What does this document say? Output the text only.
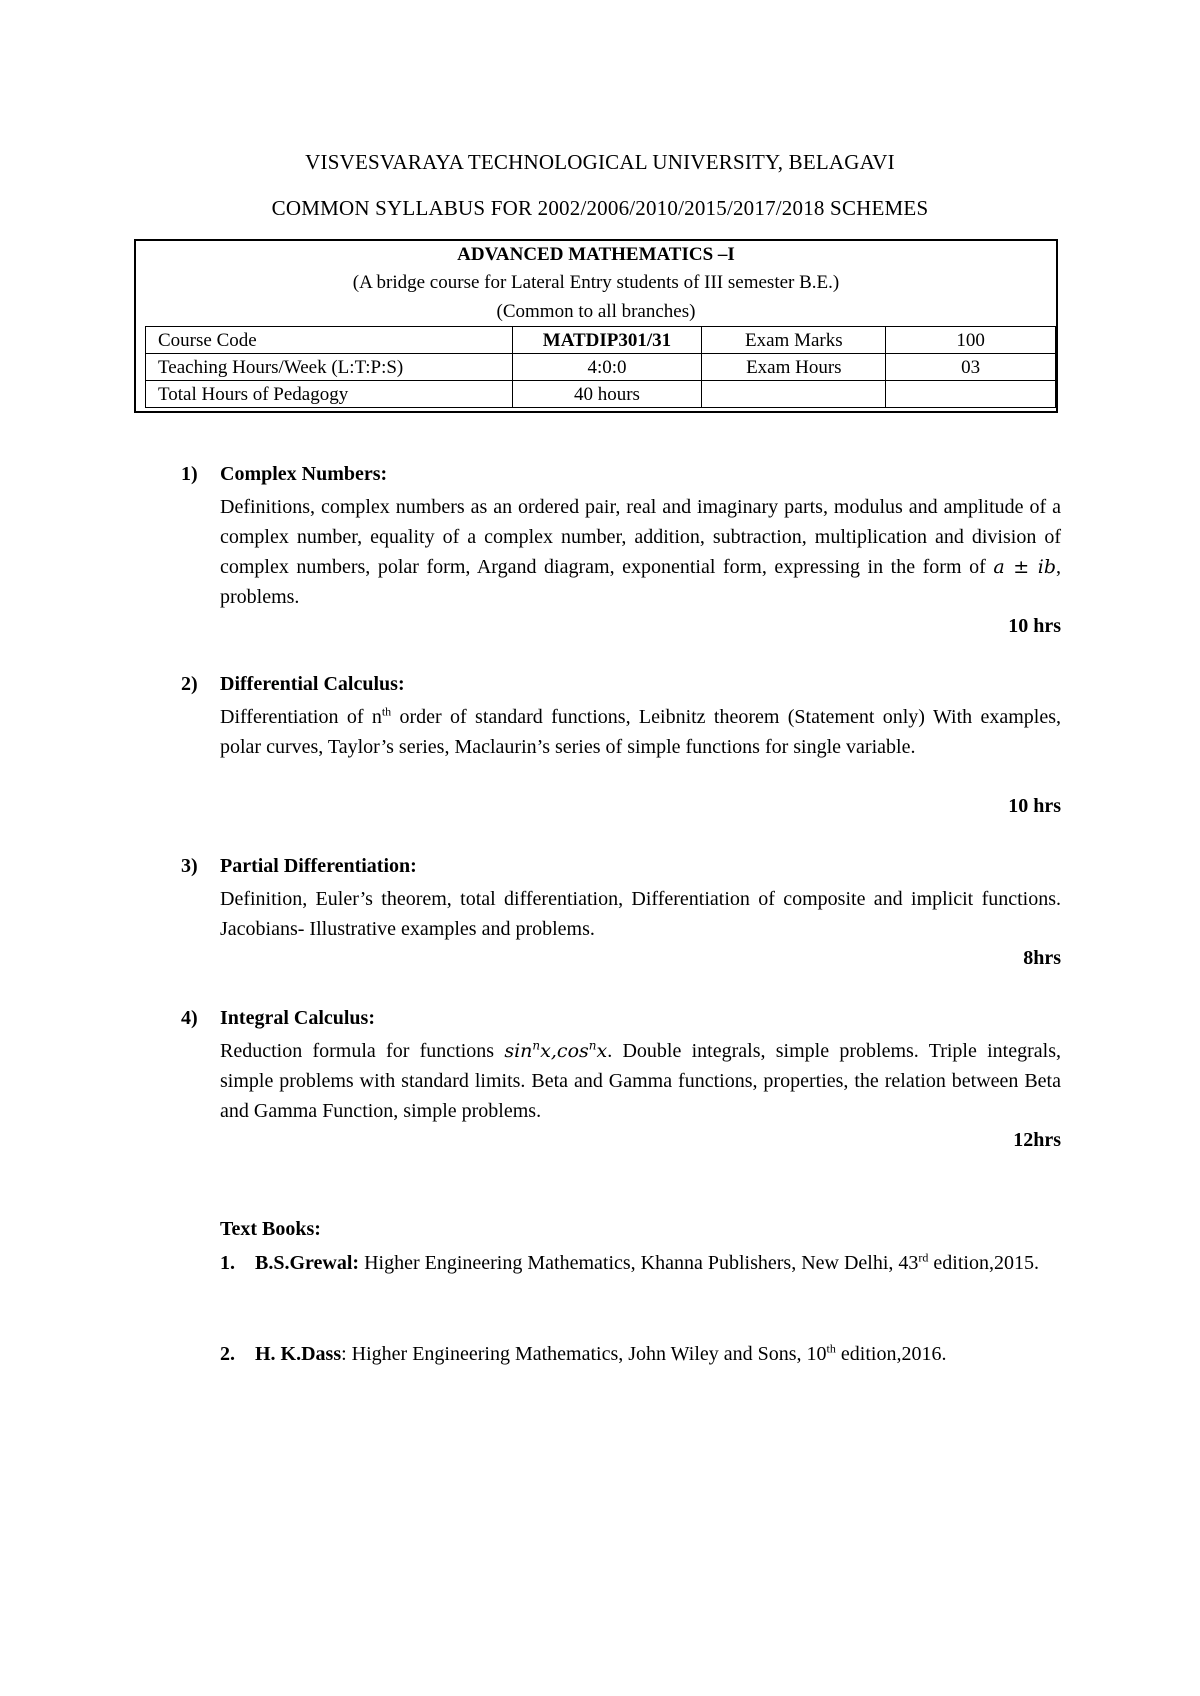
VISVESVARAYA TECHNOLOGICAL UNIVERSITY, BELAGAVI
COMMON SYLLABUS FOR 2002/2006/2010/2015/2017/2018 SCHEMES
ADVANCED MATHEMATICS –I
(A bridge course for Lateral Entry students of III semester B.E.)
(Common to all branches)
Course Code	MATDIP301/31	Exam Marks	100
Teaching Hours/Week (L:T:P:S)	4:0:0	Exam Hours	03
Total Hours of Pedagogy	40 hours		
1) Complex Numbers:
Definitions, complex numbers as an ordered pair, real and imaginary parts, modulus and amplitude of a complex number, equality of a complex number, addition, subtraction, multiplication and division of complex numbers, polar form, Argand diagram, exponential form, expressing in the form of a ± ib, problems.
10 hrs
2) Differential Calculus:
Differentiation of $n^{th}$ order of standard functions, Leibnitz theorem (Statement only) With examples, polar curves, Taylor’s series, Maclaurin’s series of simple functions for single variable.
10 hrs
3) Partial Differentiation:
Definition, Euler’s theorem, total differentiation, Differentiation of composite and implicit functions. Jacobians- Illustrative examples and problems.
8hrs
4) Integral Calculus:
Reduction formula for functions $\sin^nx,\cos^nx$. Double integrals, simple problems. Triple integrals, simple problems with standard limits. Beta and Gamma functions, properties, the relation between Beta and Gamma Function, simple problems.
12hrs
Text Books:
1. B.S.Grewal: Higher Engineering Mathematics, Khanna Publishers, New Delhi, 43rd edition,2015.
2. H. K.Dass: Higher Engineering Mathematics, John Wiley and Sons, 10th edition,2016.
